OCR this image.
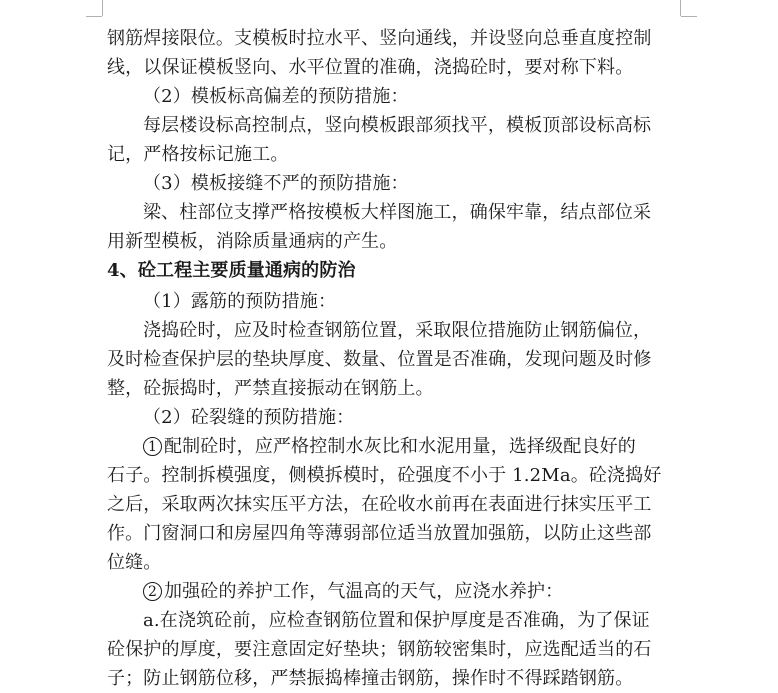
钢筋焊接限位。支模板时拉水平、竖向通线，并设竖向总垂直度控制
线，以保证模板竖向、水平位置的准确，浇捣砼时，要对称下料。
（2）模板标高偏差的预防措施：
每层楼设标高控制点，竖向模板跟部须找平，模板顶部设标高标
记，严格按标记施工。
（3）模板接缝不严的预防措施：
梁、柱部位支撑严格按模板大样图施工，确保牢靠，结点部位采
用新型模板，消除质量通病的产生。
4、砼工程主要质量通病的防治
（1）露筋的预防措施：
浇捣砼时，应及时检查钢筋位置，采取限位措施防止钢筋偏位，
及时检查保护层的垫块厚度、数量、位置是否准确，发现问题及时修
整，砼振捣时，严禁直接振动在钢筋上。
（2）砼裂缝的预防措施：
1 配制砼时，应严格控制水灰比和水泥用量，选择级配良好的
石子。控制拆模强度，侧模拆模时，砼强度不小于 1.2Ma。砼浇捣好
之后，采取两次抹实压平方法，在砼收水前再在表面进行抹实压平工
作。门窗洞口和房屋四角等薄弱部位适当放置加强筋，以防止这些部
位缝。
2 加强砼的养护工作，气温高的天气，应浇水养护：
a.在浇筑砼前，应检查钢筋位置和保护厚度是否准确，为了保证
砼保护的厚度，要注意固定好垫块；钢筋较密集时，应选配适当的石
子；防止钢筋位移，严禁振捣棒撞击钢筋，操作时不得踩踏钢筋。
